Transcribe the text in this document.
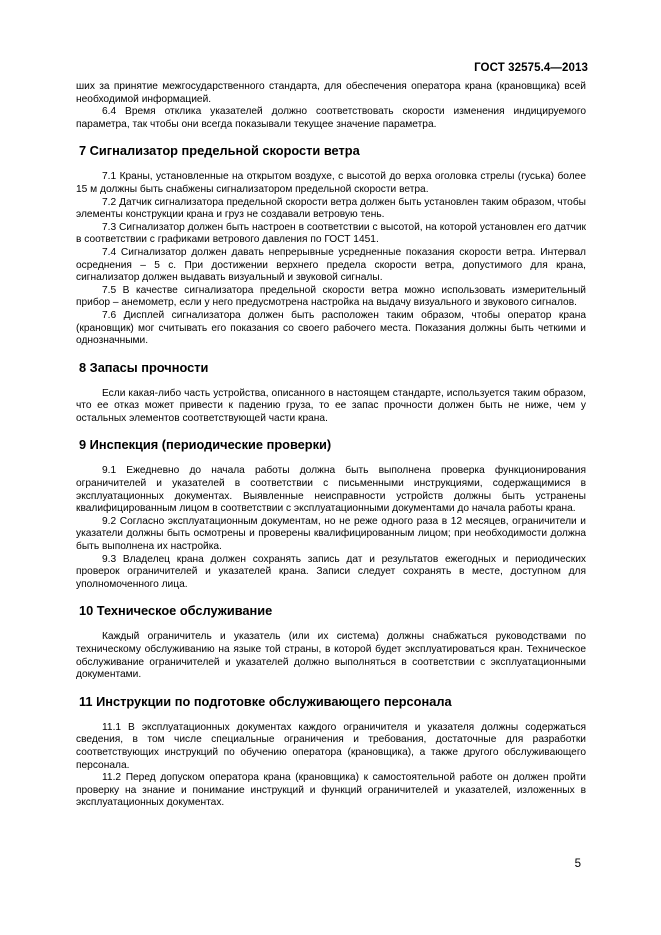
ГОСТ 32575.4—2013

ших за принятие межгосударственного стандарта, для обеспечения оператора крана (крановщика) всей необходимой информацией.

6.4 Время отклика указателей должно соответствовать скорости изменения индицируемого параметра, так чтобы они всегда показывали текущее значение параметра.

7 Сигнализатор предельной скорости ветра

7.1 Краны, установленные на открытом воздухе, с высотой до верха оголовка стрелы (гуська) более 15 м должны быть снабжены сигнализатором предельной скорости ветра.

7.2 Датчик сигнализатора предельной скорости ветра должен быть установлен таким образом, чтобы элементы конструкции крана и груз не создавали ветровую тень.

7.3 Сигнализатор должен быть настроен в соответствии с высотой, на которой установлен его датчик в соответствии с графиками ветрового давления по ГОСТ 1451.

7.4 Сигнализатор должен давать непрерывные усредненные показания скорости ветра. Интервал осреднения – 5 с. При достижении верхнего предела скорости ветра, допустимого для крана, сигнализатор должен выдавать визуальный и звуковой сигналы.

7.5 В качестве сигнализатора предельной скорости ветра можно использовать измерительный прибор – анемометр, если у него предусмотрена настройка на выдачу визуального и звукового сигналов.

7.6 Дисплей сигнализатора должен быть расположен таким образом, чтобы оператор крана (крановщик) мог считывать его показания со своего рабочего места. Показания должны быть четкими и однозначными.

8 Запасы прочности

Если какая-либо часть устройства, описанного в настоящем стандарте, используется таким образом, что ее отказ может привести к падению груза, то ее запас прочности должен быть не ниже, чем у остальных элементов соответствующей части крана.

9 Инспекция (периодические проверки)

9.1 Ежедневно до начала работы должна быть выполнена проверка функционирования ограничителей и указателей в соответствии с письменными инструкциями, содержащимися в эксплуатационных документах. Выявленные неисправности устройств должны быть устранены квалифицированным лицом в соответствии с эксплуатационными документами до начала работы крана.

9.2 Согласно эксплуатационным документам, но не реже одного раза в 12 месяцев, ограничители и указатели должны быть осмотрены и проверены квалифицированным лицом; при необходимости должна быть выполнена их настройка.

9.3 Владелец крана должен сохранять запись дат и результатов ежегодных и периодических проверок ограничителей и указателей крана. Записи следует сохранять в месте, доступном для уполномоченного лица.

10 Техническое обслуживание

Каждый ограничитель и указатель (или их система) должны снабжаться руководствами по техническому обслуживанию на языке той страны, в которой будет эксплуатироваться кран. Техническое обслуживание ограничителей и указателей должно выполняться в соответствии с эксплуатационными документами.

11 Инструкции по подготовке обслуживающего персонала

11.1 В эксплуатационных документах каждого ограничителя и указателя должны содержаться сведения, в том числе специальные ограничения и требования, достаточные для разработки соответствующих инструкций по обучению оператора (крановщика), а также другого обслуживающего персонала.

11.2 Перед допуском оператора крана (крановщика) к самостоятельной работе он должен пройти проверку на знание и понимание инструкций и функций ограничителей и указателей, изложенных в эксплуатационных документах.

5
